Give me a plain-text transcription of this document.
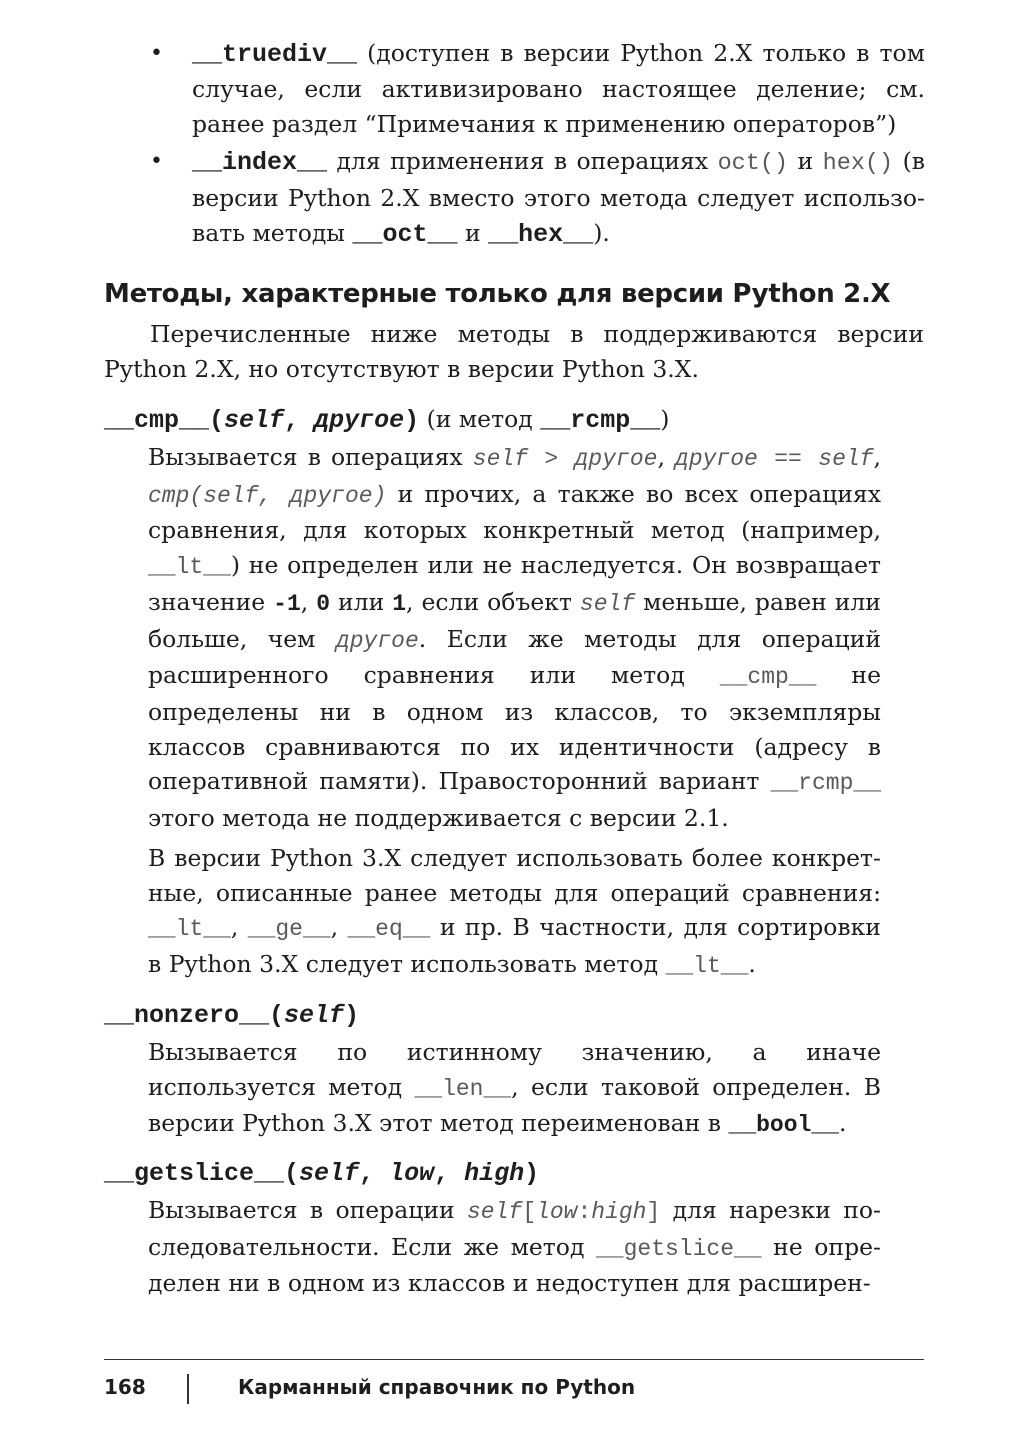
• __truediv__ (доступен в версии Python 2.X только в том случае, если активизировано настоящее деление; см. ранее раздел “Примечания к применению операторов”)
• __index__ для применения в операциях oct() и hex() (в версии Python 2.X вместо этого метода следует использовать методы __oct__ и __hex__).
Методы, характерные только для версии Python 2.X
Перечисленные ниже методы в поддерживаются версии Python 2.X, но отсутствуют в версии Python 3.X.
__cmp__(self, другое) (и метод __rcmp__)
Вызывается в операциях self > другое, другое == self, cmp(self, другое) и прочих, а также во всех операциях сравнения, для которых конкретный метод (например, __lt__) не определен или не наследуется. Он возвращает значение -1, 0 или 1, если объект self меньше, равен или больше, чем другое. Если же методы для операций расширенного сравнения или метод __cmp__ не определены ни в одном из классов, то экземпляры классов сравниваются по их идентичности (адресу в оперативной памяти). Правосторонний вариант __rcmp__ этого метода не поддерживается с версии 2.1.
В версии Python 3.X следует использовать более конкретные, описанные ранее методы для операций сравнения: __lt__, __ge__, __eq__ и пр. В частности, для сортировки в Python 3.X следует использовать метод __lt__.
__nonzero__(self)
Вызывается по истинному значению, а иначе используется метод __len__, если таковой определен. В версии Python 3.X этот метод переименован в __bool__.
__getslice__(self, low, high)
Вызывается в операции self[low:high] для нарезки последовательности. Если же метод __getslice__ не определен ни в одном из классов и недоступен для расширен-
168	Карманный справочник по Python
